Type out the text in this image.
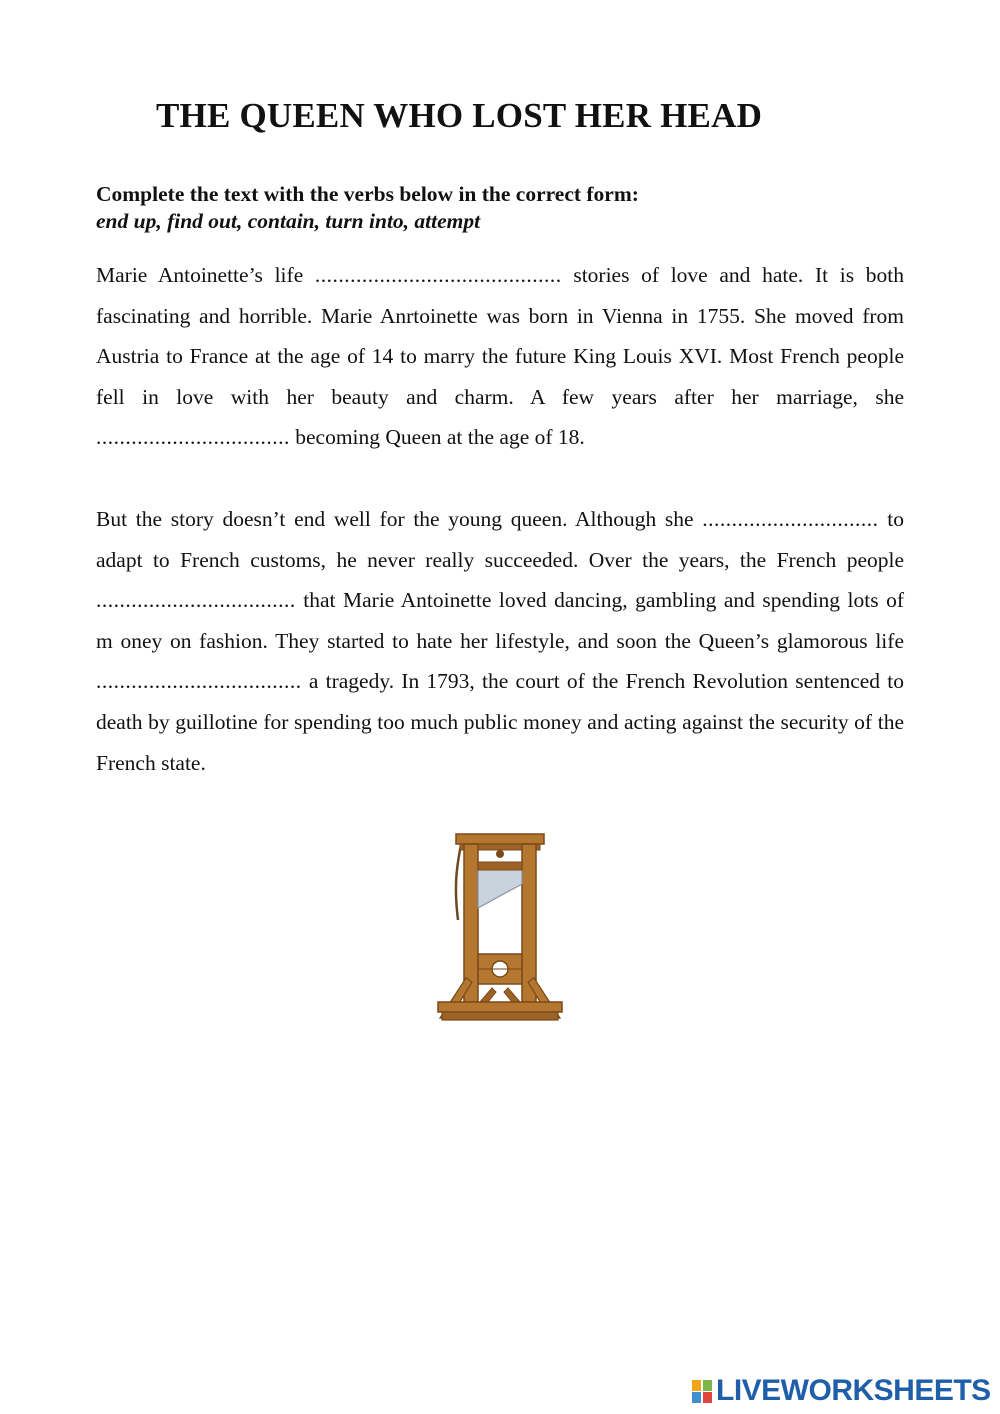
THE QUEEN WHO LOST HER HEAD
Complete the text with the verbs below in the correct form:
end up, find out, contain, turn into, attempt

Marie Antoinette’s life .......................................... stories of love and hate. It is both fascinating and horrible. Marie Anrtoinette was born in Vienna in 1755. She moved from Austria to France at the age of 14 to marry the future King Louis XVI. Most French people fell in love with her beauty and charm. A few years after her marriage, she ................................. becoming Queen at the age of 18.

But the story doesn’t end well for the young queen. Although she .............................. to adapt to French customs, he never really succeeded. Over the years, the French people .................................. that Marie Antoinette loved dancing, gambling and spending lots of m oney on fashion. They started to hate her lifestyle, and soon the Queen’s glamorous life ................................... a tragedy. In 1793, the court of the French Revolution sentenced to death by guillotine for spending too much public money and acting against the security of the French state.

LIVEWORKSHEETS
